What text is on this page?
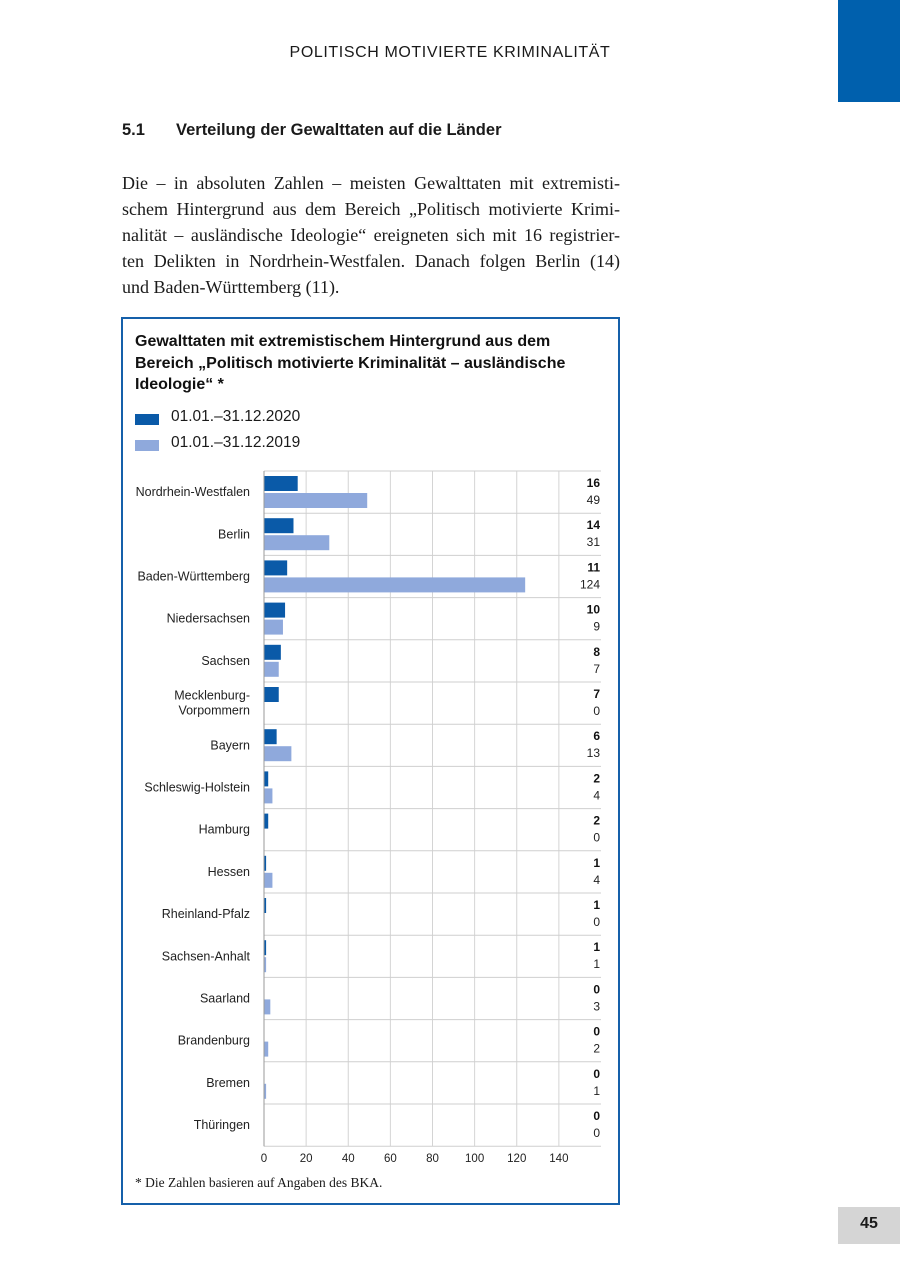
POLITISCH MOTIVIERTE KRIMINALITÄT
5.1 Verteilung der Gewalttaten auf die Länder
Die – in absoluten Zahlen – meisten Gewalttaten mit extremisti-
schem Hintergrund aus dem Bereich „Politisch motivierte Krimi-
nalität – ausländische Ideologie“ ereigneten sich mit 16 registrier-
ten Delikten in Nordrhein-Westfalen. Danach folgen Berlin (14)
und Baden-Württemberg (11).
Gewalttaten mit extremistischem Hintergrund aus dem Bereich „Politisch motivierte Kriminalität – ausländische Ideologie“ *
01.01.–31.12.2020
01.01.–31.12.2019
0	20	40	60	80 100 120 140
Nordrhein-Westfalen
16
49
Berlin
14
31
Baden-Württemberg
11
124
Niedersachsen
10
9
Sachsen
8
7
Mecklenburg-
Vorpommern
7
0
Bayern
6
13
Schleswig-Holstein
2
4
Hamburg
2
0
Hessen
1
4
Rheinland-Pfalz
1
0
Sachsen-Anhalt
1
1
Saarland
0
3
Brandenburg
0
2
Bremen
0
1
Thüringen
0
0
* Die Zahlen basieren auf Angaben des BKA.
45
